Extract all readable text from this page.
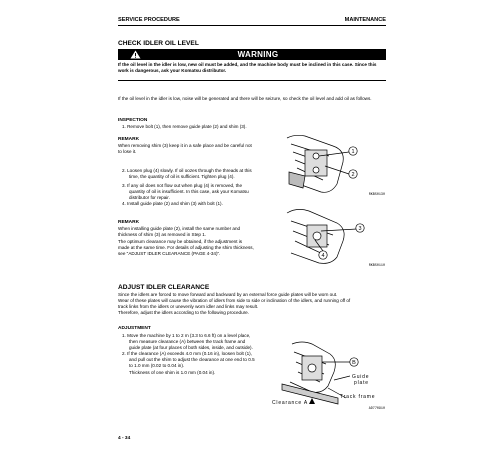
SERVICE PROCEDURE	MAINTENANCE
CHECK IDLER OIL LEVEL
WARNING
If the oil level in the idler is low, new oil must be added, and the machine body must be inclined in this case. Since this work is dangerous, ask your Komatsu distributor.
If the oil level in the idler is low, noise will be generated and there will be seizure, so check the oil level and add oil as follows.
INSPECTION
1. Remove bolt (1), then remove guide plate (2) and shim (3).
REMARK
When removing shim (3) keep it in a safe place and be careful not
to lose it.
2. Loosen plug (4) slowly. If oil oozes through the threads at this
time, the quantity of oil is sufficient. Tighten plug (4).
3. If any oil does not flow out when plug (4) is removed, the
quantity of oil is insufficient. In this case, ask your Komatsu
distributor for repair.
4. Install guide plate (2) and shim (3) with bolt (1).
REMARK
When installing guide plate (2), install the same number and
thickness of shim (3) as removed in Step 1.
The optimum clearance may be obtained, if the adjustment is
made at the same time. For details of adjusting the shim thickness,
see "ADJUST IDLER CLEARANCE (PAGE 4-34)".
1
2
RKB50130
3
4
RKB50110
ADJUST IDLER CLEARANCE
Since the idlers are forced to move forward and backward by an external force guide plates will be worn out.
Wear of these plates will cause the vibration of idlers from side to side or inclination of the idlers, and running off of
track links from the idlers or unevenly worn idler and links may result.
Therefore, adjust the idlers according to the following procedure.
ADJUSTMENT
1. Move the machine by 1 to 2 m (3.3 to 6.6 ft) on a level place,
then measure clearance (A) between the track frame and
guide plate (at four places of both sides, inside, and outside).
2. If the clearance (A) exceeds 4.0 mm (0.16 in), loosen bolt (1),
and pull out the shim to adjust the clearance at one end to 0.5
to 1.0 mm (0.02 to 0.04 in).
Thickness of one shim is 1.0 mm (0.04 in).
B
Guide
plate
Track frame
Clearance A
AD770910
4 - 34
